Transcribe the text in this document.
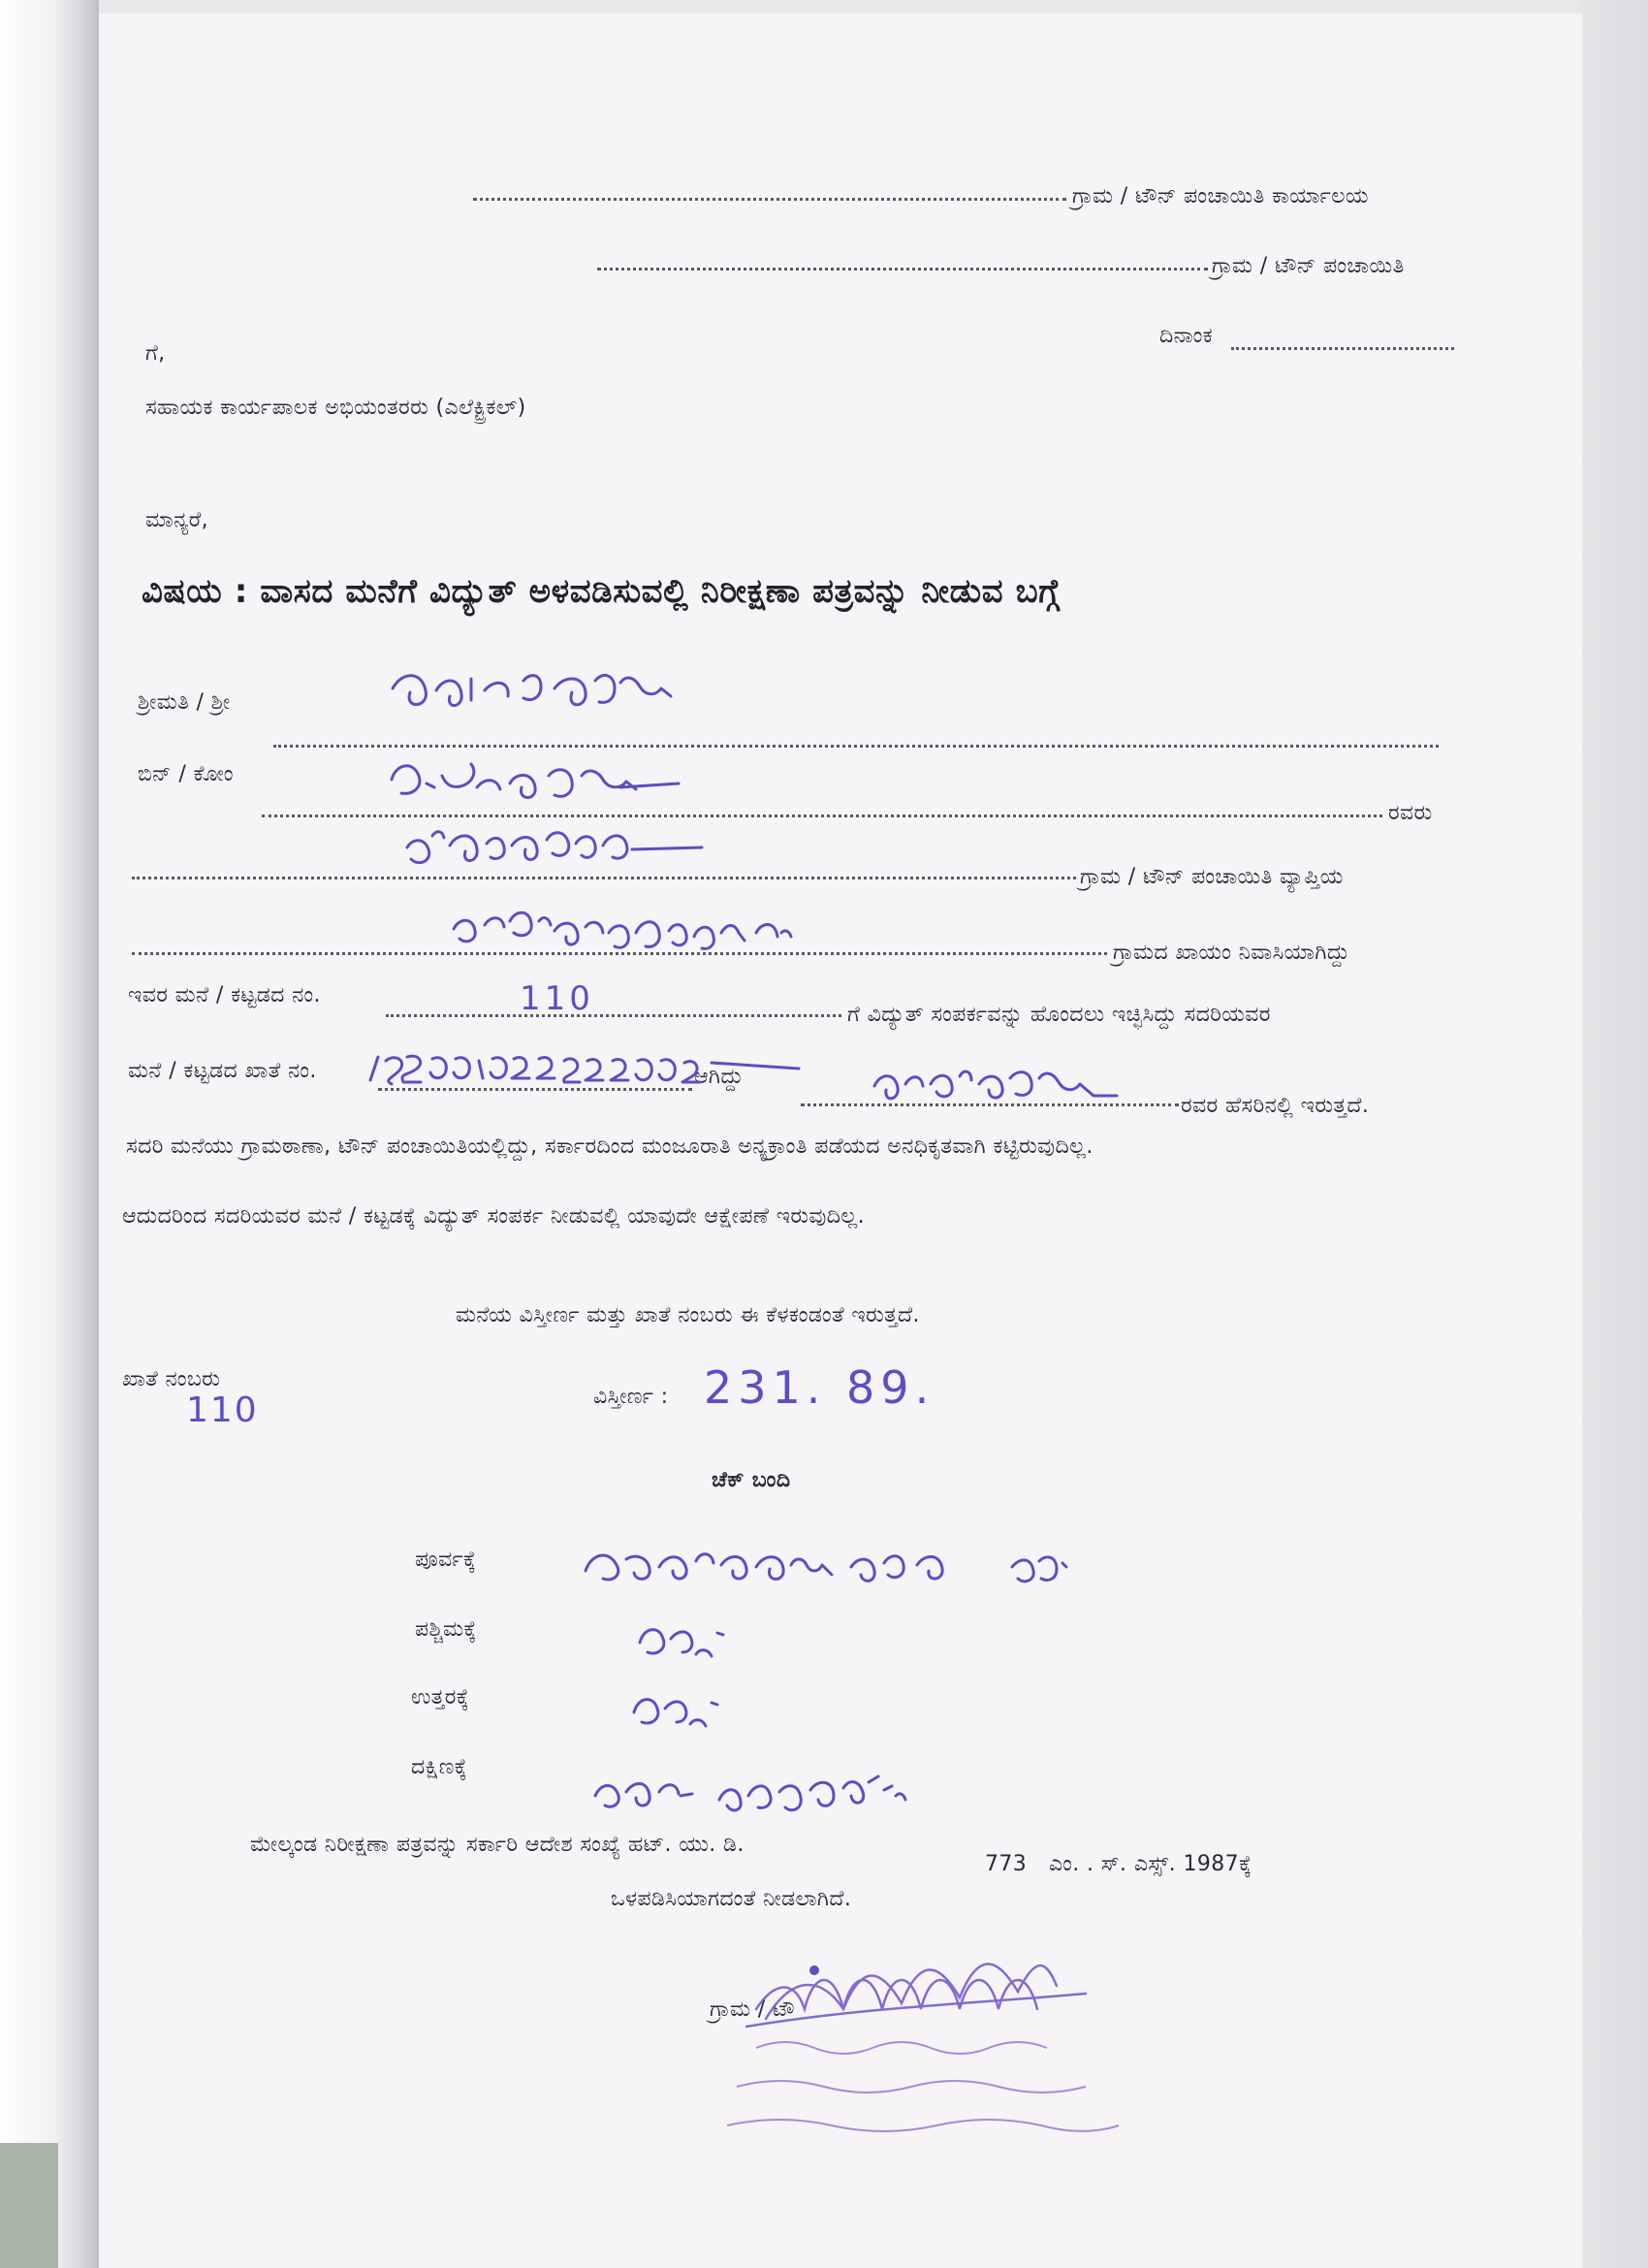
ಗ್ರಾಮ / ಟೌನ್ ಪಂಚಾಯಿತಿ ಕಾರ್ಯಾಲಯ
ಗ್ರಾಮ / ಟೌನ್ ಪಂಚಾಯಿತಿ
ದಿನಾಂಕ
ಗೆ,
ಸಹಾಯಕ ಕಾರ್ಯಪಾಲಕ ಅಭಿಯಂತರರು (ಎಲೆಕ್ಟ್ರಿಕಲ್)
ಮಾನ್ಯರೆ,
ವಿಷಯ : ವಾಸದ ಮನೆಗೆ ವಿದ್ಯುತ್ ಅಳವಡಿಸುವಲ್ಲಿ ನಿರೀಕ್ಷಣಾ ಪತ್ರವನ್ನು ನೀಡುವ ಬಗ್ಗೆ
ಶ್ರೀಮತಿ / ಶ್ರೀ
ಬಿನ್ / ಕೋಂ
ರವರು
ಗ್ರಾಮ / ಟೌನ್ ಪಂಚಾಯಿತಿ ವ್ಯಾಪ್ತಿಯ
ಗ್ರಾಮದ ಖಾಯಂ ನಿವಾಸಿಯಾಗಿದ್ದು
ಇವರ ಮನೆ / ಕಟ್ಟಡದ ನಂ.
ಗೆ ವಿದ್ಯುತ್ ಸಂಪರ್ಕವನ್ನು ಹೊಂದಲು ಇಚ್ಛಿಸಿದ್ದು ಸದರಿಯವರ
ಮನೆ / ಕಟ್ಟಡದ ಖಾತೆ ನಂ.	ಆಗಿದ್ದು
ರವರ ಹೆಸರಿನಲ್ಲಿ ಇರುತ್ತದೆ.
ಸದರಿ ಮನೆಯು ಗ್ರಾಮಠಾಣಾ, ಟೌನ್ ಪಂಚಾಯಿತಿಯಲ್ಲಿದ್ದು, ಸರ್ಕಾರದಿಂದ ಮಂಜೂರಾತಿ ಅನ್ಯಕ್ರಾಂತಿ ಪಡೆಯದ ಅನಧಿಕೃತವಾಗಿ ಕಟ್ಟಿರುವುದಿಲ್ಲ.
ಆದುದರಿಂದ ಸದರಿಯವರ ಮನೆ / ಕಟ್ಟಡಕ್ಕೆ ವಿದ್ಯುತ್ ಸಂಪರ್ಕ ನೀಡುವಲ್ಲಿ ಯಾವುದೇ ಆಕ್ಷೇಪಣೆ ಇರುವುದಿಲ್ಲ.
ಮನೆಯ ವಿಸ್ತೀರ್ಣ ಮತ್ತು ಖಾತೆ ನಂಬರು ಈ ಕೆಳಕಂಡಂತೆ ಇರುತ್ತದೆ.
ಖಾತೆ ನಂಬರು
110	ವಿಸ್ತೀರ್ಣ : 231. 89.
ಚೆಕ್ ಬಂದಿ
ಪೂರ್ವಕ್ಕೆ
ಪಶ್ಚಿಮಕ್ಕೆ
ಉತ್ತರಕ್ಕೆ
ದಕ್ಷಿಣಕ್ಕೆ
110
ಮೇಲ್ಕಂಡ ನಿರೀಕ್ಷಣಾ ಪತ್ರವನ್ನು ಸರ್ಕಾರಿ ಆದೇಶ ಸಂಖ್ಯೆ ಹಟ್. ಯು. ಡಿ.
773 ಎಂ. . ಸ್. ಎಸ್ಸ್. 1987ಕ್ಕೆ
ಒಳಪಡಿಸಿಯಾಗದಂತೆ ನೀಡಲಾಗಿದೆ.
ಗ್ರಾಮ / ಟೌ
